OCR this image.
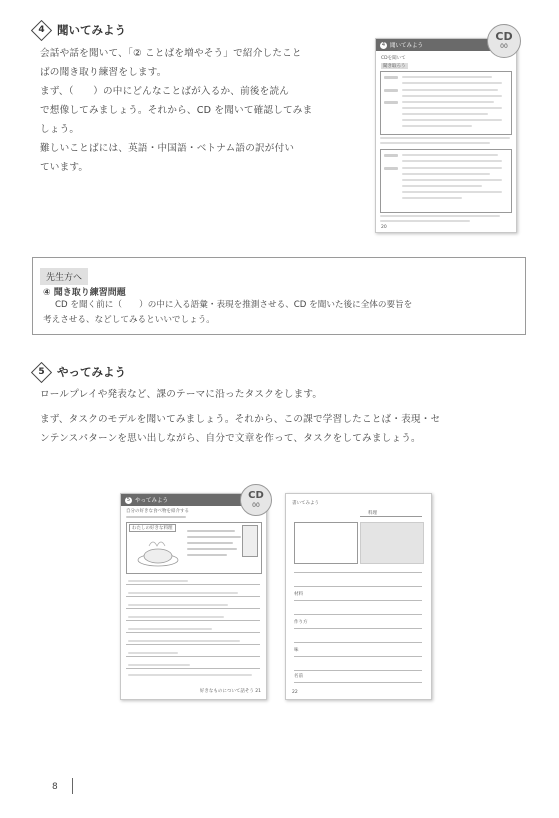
4 聞いてみよう

会話や話を聞いて、「② ことばを増やそう」で紹介したこと

ばの聞き取り練習をします。

まず、（　　）の中にどんなことばが入るか、前後を読ん

で想像してみましょう。それから、CD を聞いて確認してみま

しょう。

難しいことばには、英語・中国語・ベトナム語の訳が付い

ています。

4 聞いてみよう
CDを聞いて
聞き取ろう
20
CD
00
先生方へ
④ 聞き取り練習問題
CD を聞く前に（　　）の中に入る語彙・表現を推測させる、CD を聞いた後に全体の要旨を
考えさせる、などしてみるといいでしょう。
5 やってみよう

ロールプレイや発表など、課のテーマに沿ったタスクをします。

まず、タスクのモデルを聞いてみましょう。それから、この課で学習したことば・表現・セ

ンテンスパターンを思い出しながら、自分で文章を作って、タスクをしてみましょう。

5 やってみよう
自分の好きな食べ物を紹介する
わたしの好きな料理
好きなものについて話そう 21
CD
00	書いてみよう
料理
材料
作り方
味
名前
22
8
